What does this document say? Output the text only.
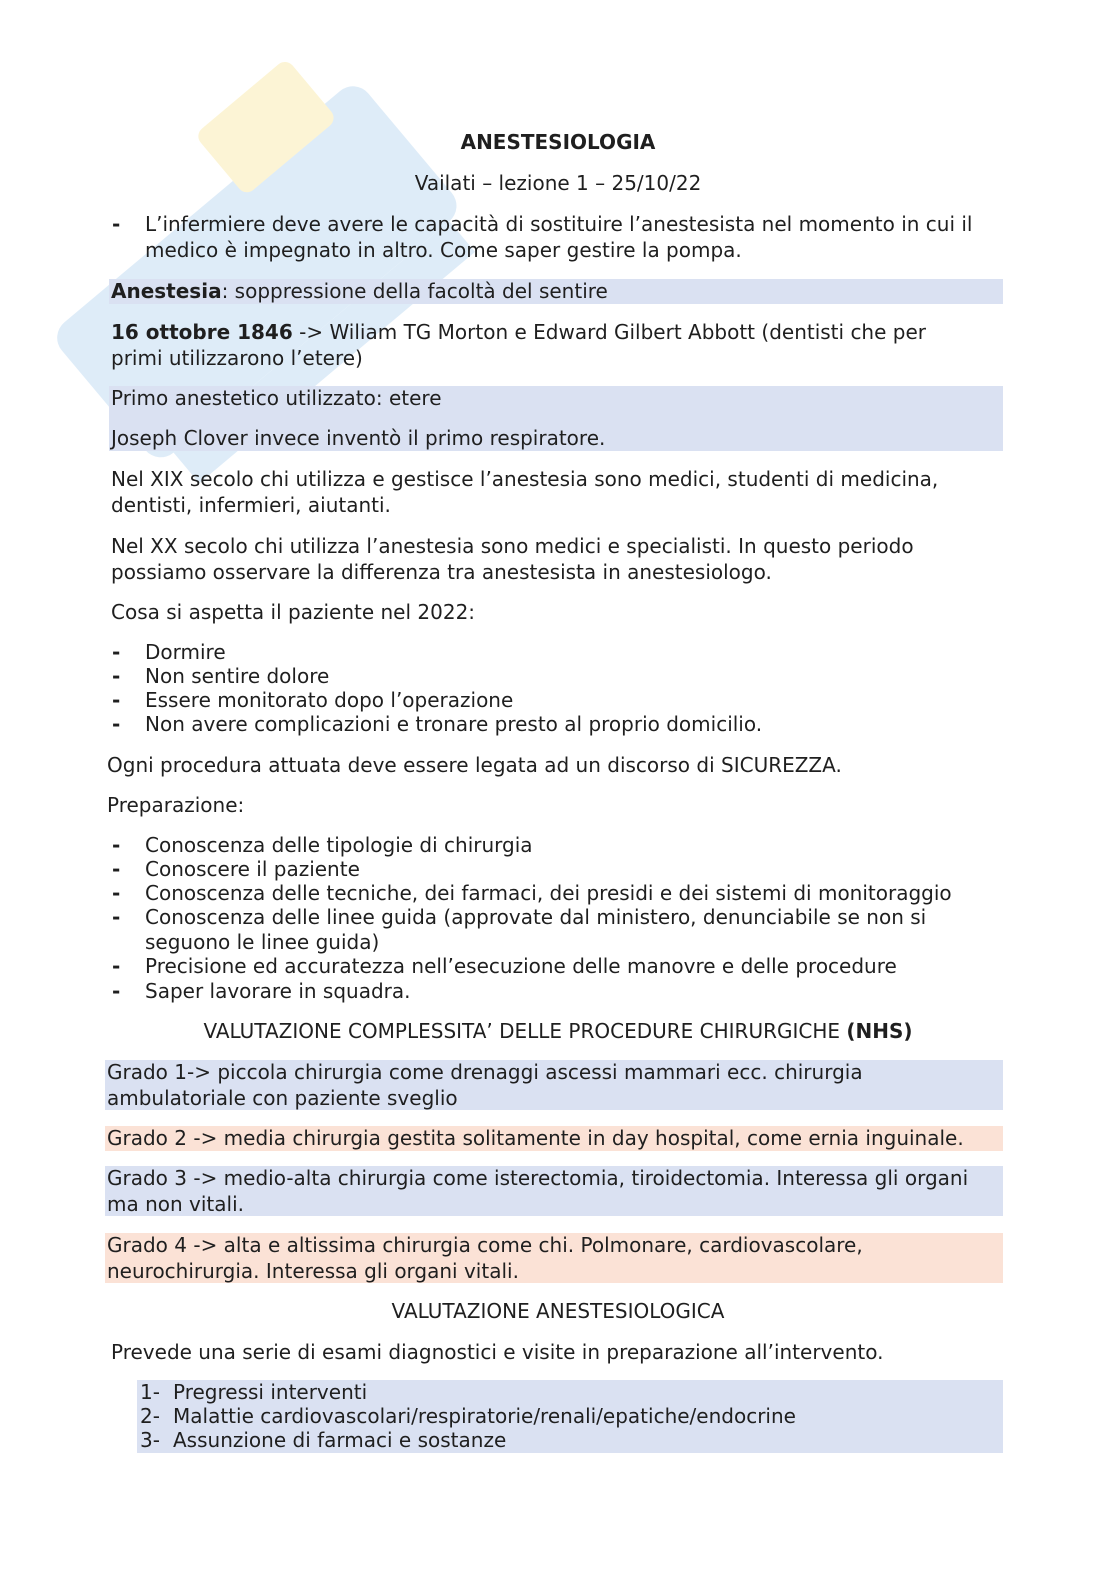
ANESTESIOLOGIA
Vailati – lezione 1 – 25/10/22
-	L’infermiere deve avere le capacità di sostituire l’anestesista nel momento in cui il
medico è impegnato in altro. Come saper gestire la pompa.
Anestesia: soppressione della facoltà del sentire
16 ottobre 1846 -> Wiliam TG Morton e Edward Gilbert Abbott (dentisti che per
primi utilizzarono l’etere)
Primo anestetico utilizzato: etere
Joseph Clover invece inventò il primo respiratore.
Nel XIX secolo chi utilizza e gestisce l’anestesia sono medici, studenti di medicina,
dentisti, infermieri, aiutanti.
Nel XX secolo chi utilizza l’anestesia sono medici e specialisti. In questo periodo
possiamo osservare la differenza tra anestesista in anestesiologo.
Cosa si aspetta il paziente nel 2022:
-	Dormire
-	Non sentire dolore
-	Essere monitorato dopo l’operazione
-	Non avere complicazioni e tronare presto al proprio domicilio.
Ogni procedura attuata deve essere legata ad un discorso di SICUREZZA.
Preparazione:
-	Conoscenza delle tipologie di chirurgia
-	Conoscere il paziente
-	Conoscenza delle tecniche, dei farmaci, dei presidi e dei sistemi di monitoraggio
-	Conoscenza delle linee guida (approvate dal ministero, denunciabile se non si
seguono le linee guida)
-	Precisione ed accuratezza nell’esecuzione delle manovre e delle procedure
-	Saper lavorare in squadra.
VALUTAZIONE COMPLESSITA’ DELLE PROCEDURE CHIRURGICHE (NHS)
Grado 1-> piccola chirurgia come drenaggi ascessi mammari ecc. chirurgia
ambulatoriale con paziente sveglio
Grado 2 -> media chirurgia gestita solitamente in day hospital, come ernia inguinale.
Grado 3 -> medio-alta chirurgia come isterectomia, tiroidectomia. Interessa gli organi
ma non vitali.
Grado 4 -> alta e altissima chirurgia come chi. Polmonare, cardiovascolare,
neurochirurgia. Interessa gli organi vitali.
VALUTAZIONE ANESTESIOLOGICA
Prevede una serie di esami diagnostici e visite in preparazione all’intervento.
1- Pregressi interventi
2- Malattie cardiovascolari/respiratorie/renali/epatiche/endocrine
3- Assunzione di farmaci e sostanze
